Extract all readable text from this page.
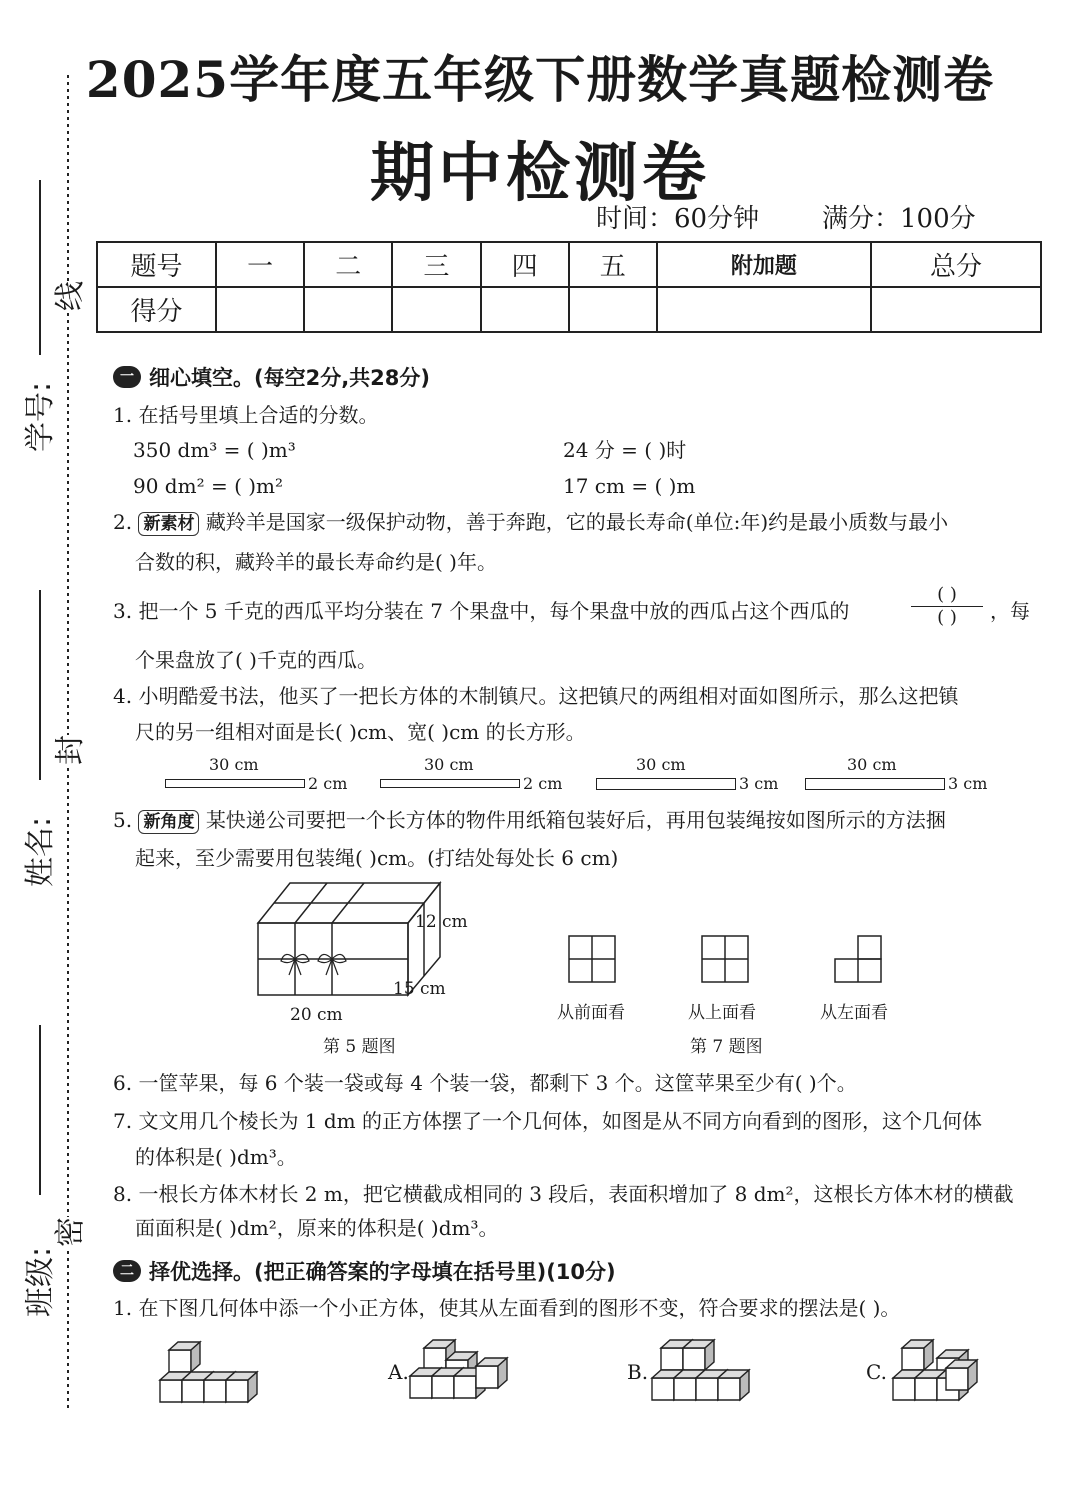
线
封
密
学号:
姓名:
班级:
2025学年度五年级下册数学真题检测卷
期中检测卷
时间：60分钟 满分：100分
题号	一	二	三	四	五	附加题	总分
得分							
一 细心填空。(每空2分,共28分)
1. 在括号里填上合适的分数。
350 dm³ = ( )m³	24 分 = ( )时
90 dm² = ( )m²	17 cm = ( )m
2. 新素材 藏羚羊是国家一级保护动物，善于奔跑，它的最长寿命(单位:年)约是最小质数与最小
合数的积，藏羚羊的最长寿命约是( )年。
3. 把一个 5 千克的西瓜平均分装在 7 个果盘中，每个果盘中放的西瓜占这个西瓜的
( )
( )	，每
个果盘放了( )千克的西瓜。
4. 小明酷爱书法，他买了一把长方体的木制镇尺。这把镇尺的两组相对面如图所示，那么这把镇
尺的另一组相对面是长( )cm、宽( )cm 的长方形。
30 cm
2 cm
30 cm
2 cm
30 cm
3 cm
30 cm
3 cm
5. 新角度 某快递公司要把一个长方体的物件用纸箱包装好后，再用包装绳按如图所示的方法捆
起来，至少需要用包装绳( )cm。(打结处每处长 6 cm)
12 cm
15 cm
20 cm
第 5 题图
从前面看	从上面看	从左面看
第 7 题图
6. 一筐苹果，每 6 个装一袋或每 4 个装一袋，都剩下 3 个。这筐苹果至少有( )个。
7. 文文用几个棱长为 1 dm 的正方体摆了一个几何体，如图是从不同方向看到的图形，这个几何体
的体积是( )dm³。
8. 一根长方体木材长 2 m，把它横截成相同的 3 段后，表面积增加了 8 dm²，这根长方体木材的横截
面面积是( )dm²，原来的体积是( )dm³。
二 择优选择。(把正确答案的字母填在括号里)(10分)
1. 在下图几何体中添一个小正方体，使其从左面看到的图形不变，符合要求的摆法是( )。
A.	B.	C.
